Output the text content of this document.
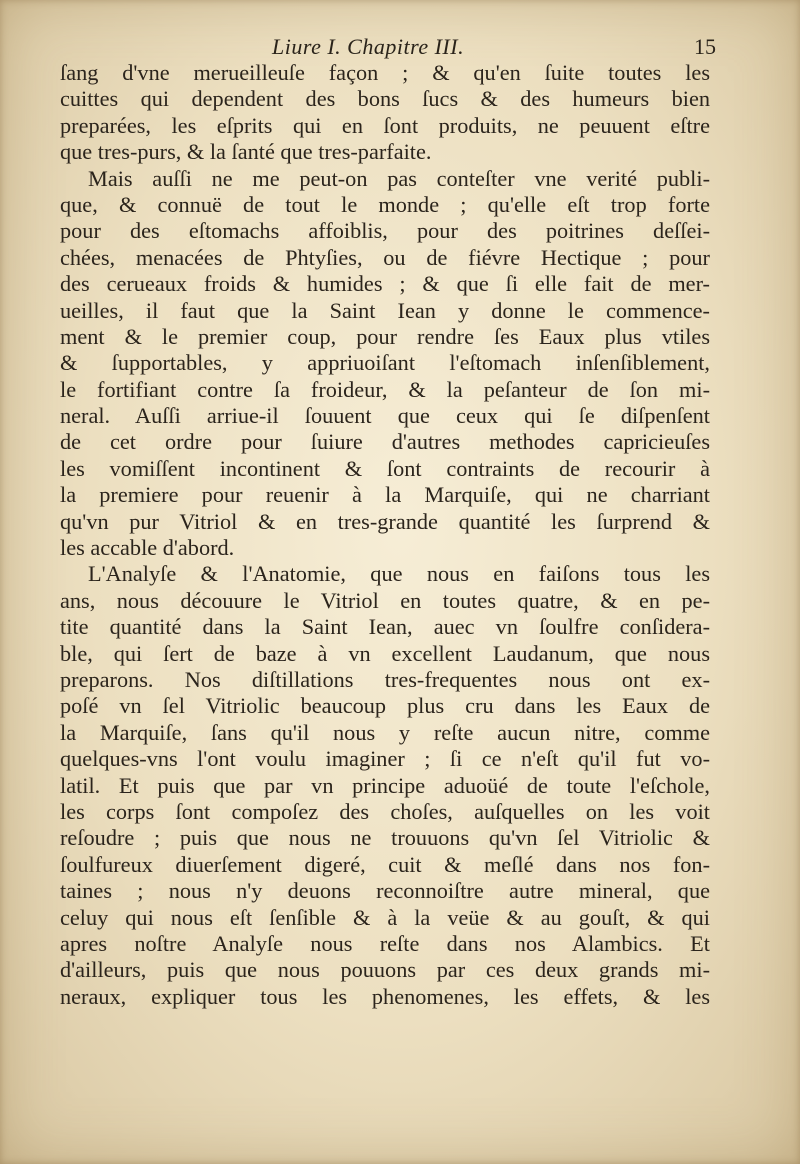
Liure I. Chapitre III.	15
ſang d'vne merueilleuſe façon ; & qu'en ſuite toutes les
cuittes qui dependent des bons ſucs & des humeurs bien
preparées, les eſprits qui en ſont produits, ne peuuent eſtre
que tres-purs, & la ſanté que tres-parfaite.
Mais auſſi ne me peut-on pas conteſter vne verité publi-
que, & connuë de tout le monde ; qu'elle eſt trop forte
pour des eſtomachs affoiblis, pour des poitrines deſſei-
chées, menacées de Phtyſies, ou de fiévre Hectique ; pour
des cerueaux froids & humides ; & que ſi elle fait de mer-
ueilles, il faut que la Saint Iean y donne le commence-
ment & le premier coup, pour rendre ſes Eaux plus vtiles
& ſupportables, y appriuoiſant l'eſtomach inſenſiblement,
le fortifiant contre ſa froideur, & la peſanteur de ſon mi-
neral. Auſſi arriue-il ſouuent que ceux qui ſe diſpenſent
de cet ordre pour ſuiure d'autres methodes capricieuſes
les vomiſſent incontinent & ſont contraints de recourir à
la premiere pour reuenir à la Marquiſe, qui ne charriant
qu'vn pur Vitriol & en tres-grande quantité les ſurprend &
les accable d'abord.
L'Analyſe & l'Anatomie, que nous en faiſons tous les
ans, nous découure le Vitriol en toutes quatre, & en pe-
tite quantité dans la Saint Iean, auec vn ſoulfre conſidera-
ble, qui ſert de baze à vn excellent Laudanum, que nous
preparons. Nos diſtillations tres-frequentes nous ont ex-
poſé vn ſel Vitriolic beaucoup plus cru dans les Eaux de
la Marquiſe, ſans qu'il nous y reſte aucun nitre, comme
quelques-vns l'ont voulu imaginer ; ſi ce n'eſt qu'il fut vo-
latil. Et puis que par vn principe aduoüé de toute l'eſchole,
les corps ſont compoſez des choſes, auſquelles on les voit
reſoudre ; puis que nous ne trouuons qu'vn ſel Vitriolic &
ſoulfureux diuerſement digeré, cuit & meſlé dans nos fon-
taines ; nous n'y deuons reconnoiſtre autre mineral, que
celuy qui nous eſt ſenſible & à la veüe & au gouſt, & qui
apres noſtre Analyſe nous reſte dans nos Alambics. Et
d'ailleurs, puis que nous pouuons par ces deux grands mi-
neraux, expliquer tous les phenomenes, les effets, & les
